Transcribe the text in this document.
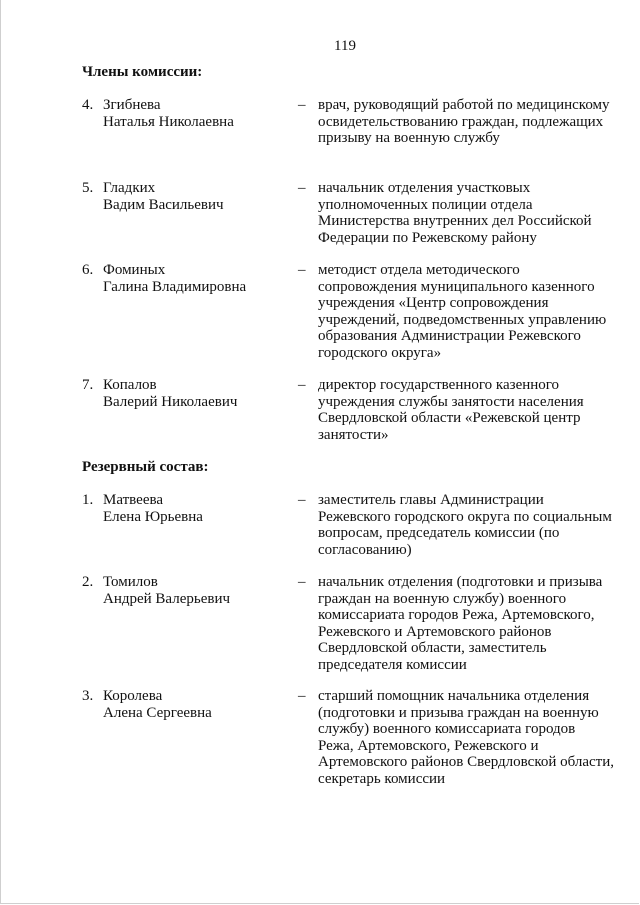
119
Члены комиссии:
4. Згибнева
Наталья Николаевна
– врач, руководящий работой по медицинскому освидетельствованию граждан, подлежащих призыву на военную службу
5. Гладких
Вадим Васильевич
– начальник отделения участковых уполномоченных полиции отдела Министерства внутренних дел Российской Федерации по Режевскому району
6. Фоминых
Галина Владимировна
– методист отдела методического сопровождения муниципального казенного учреждения «Центр сопровождения учреждений, подведомственных управлению образования Администрации Режевского городского округа»
7. Копалов
Валерий Николаевич
– директор государственного казенного учреждения службы занятости населения Свердловской области «Режевской центр занятости»
Резервный состав:
1. Матвеева
Елена Юрьевна
– заместитель главы Администрации Режевского городского округа по социальным вопросам, председатель комиссии (по согласованию)
2. Томилов
Андрей Валерьевич
– начальник отделения (подготовки и призыва граждан на военную службу) военного комиссариата городов Режа, Артемовского, Режевского и Артемовского районов Свердловской области, заместитель председателя комиссии
3. Королева
Алена Сергеевна
– старший помощник начальника отделения (подготовки и призыва граждан на военную службу) военного комиссариата городов Режа, Артемовского, Режевского и Артемовского районов Свердловской области, секретарь комиссии
